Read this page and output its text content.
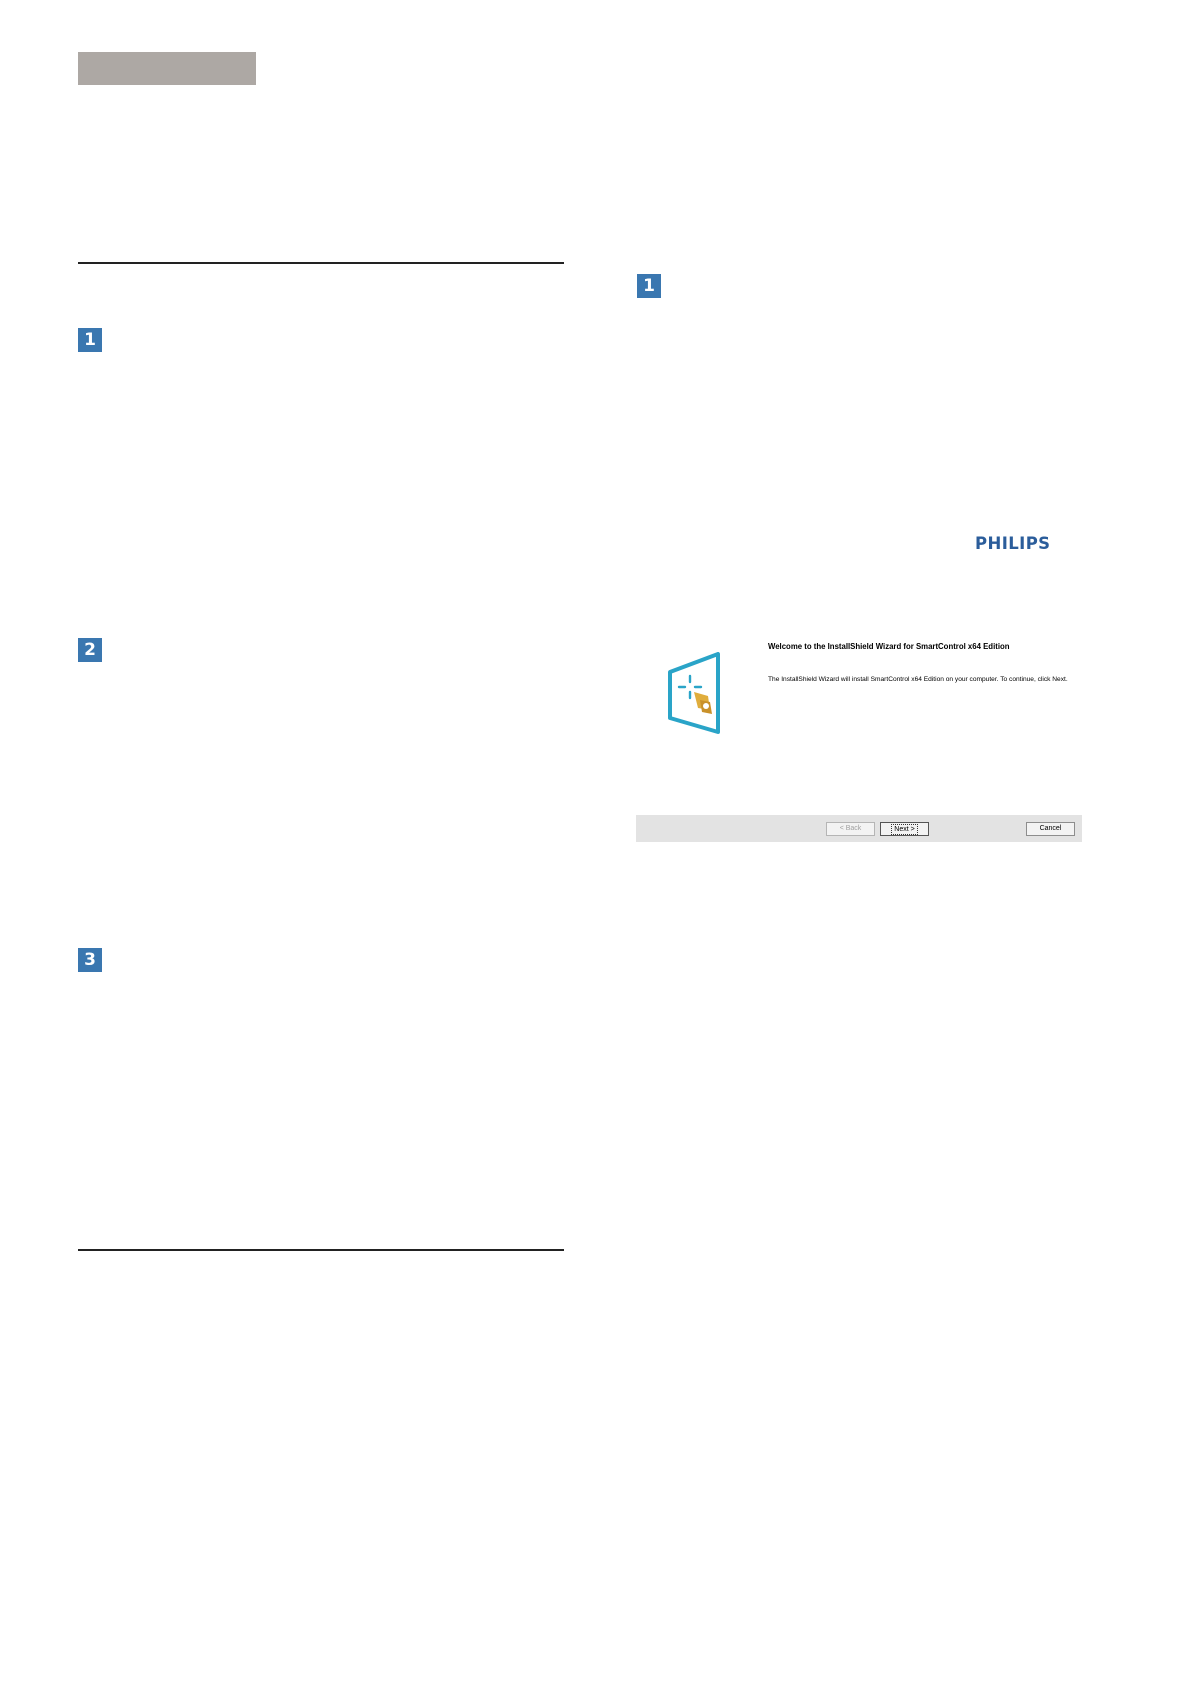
1
2
3
1
PHILIPS
Welcome to the InstallShield Wizard for SmartControl x64 Edition
The InstallShield Wizard will install SmartControl x64 Edition on your computer. To continue, click Next.
< Back	Next >	Cancel
